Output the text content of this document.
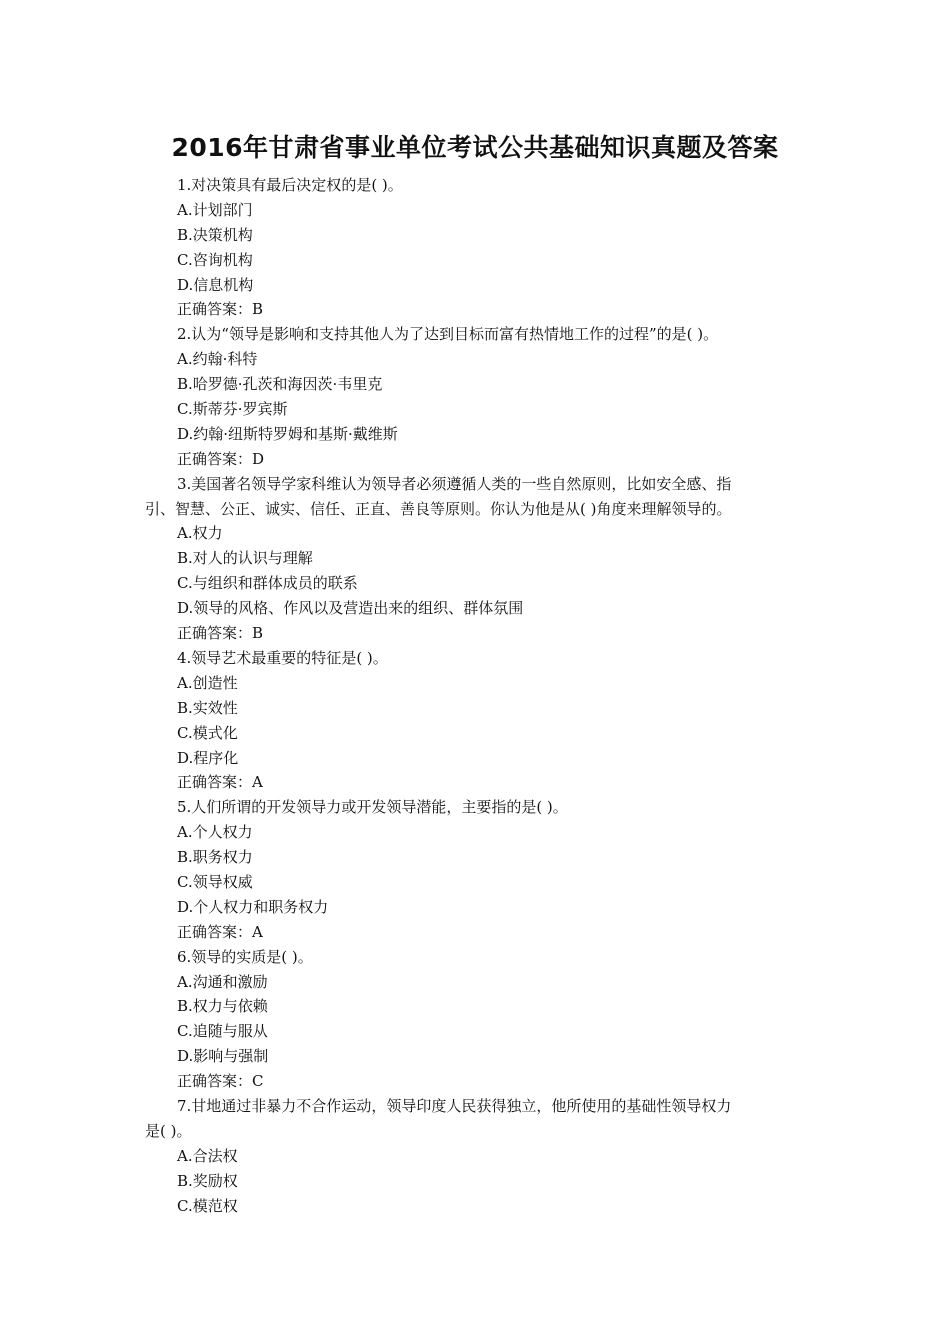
2016年甘肃省事业单位考试公共基础知识真题及答案
1.对决策具有最后决定权的是( )。
A.计划部门
B.决策机构
C.咨询机构
D.信息机构
正确答案：B
2.认为“领导是影响和支持其他人为了达到目标而富有热情地工作的过程”的是( )。
A.约翰·科特
B.哈罗德·孔茨和海因茨·韦里克
C.斯蒂芬·罗宾斯
D.约翰·纽斯特罗姆和基斯·戴维斯
正确答案：D
3.美国著名领导学家科维认为领导者必须遵循人类的一些自然原则，比如安全感、指
引、智慧、公正、诚实、信任、正直、善良等原则。你认为他是从( )角度来理解领导的。
A.权力
B.对人的认识与理解
C.与组织和群体成员的联系
D.领导的风格、作风以及营造出来的组织、群体氛围
正确答案：B
4.领导艺术最重要的特征是( )。
A.创造性
B.实效性
C.模式化
D.程序化
正确答案：A
5.人们所谓的开发领导力或开发领导潜能，主要指的是( )。
A.个人权力
B.职务权力
C.领导权威
D.个人权力和职务权力
正确答案：A
6.领导的实质是( )。
A.沟通和激励
B.权力与依赖
C.追随与服从
D.影响与强制
正确答案：C
7.甘地通过非暴力不合作运动，领导印度人民获得独立，他所使用的基础性领导权力
是( )。
A.合法权
B.奖励权
C.模范权
